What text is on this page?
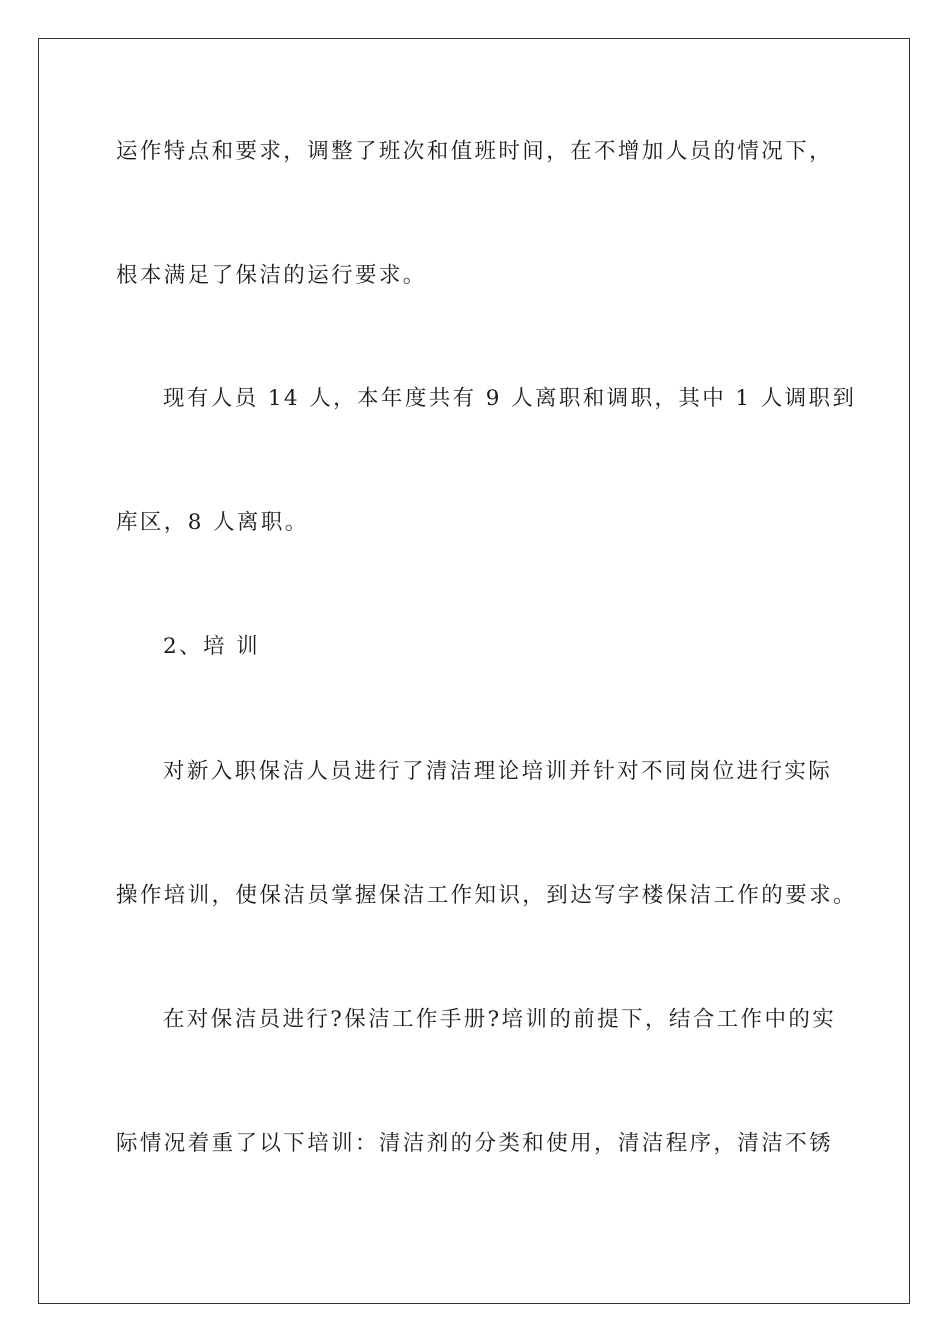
运作特点和要求，调整了班次和值班时间，在不增加人员的情况下，
根本满足了保洁的运行要求。
现有人员 14 人，本年度共有 9 人离职和调职，其中 1 人调职到
库区，8 人离职。
2、培 训
对新入职保洁人员进行了清洁理论培训并针对不同岗位进行实际
操作培训，使保洁员掌握保洁工作知识，到达写字楼保洁工作的要求。
在对保洁员进行?保洁工作手册?培训的前提下，结合工作中的实
际情况着重了以下培训：清洁剂的分类和使用，清洁程序，清洁不锈
